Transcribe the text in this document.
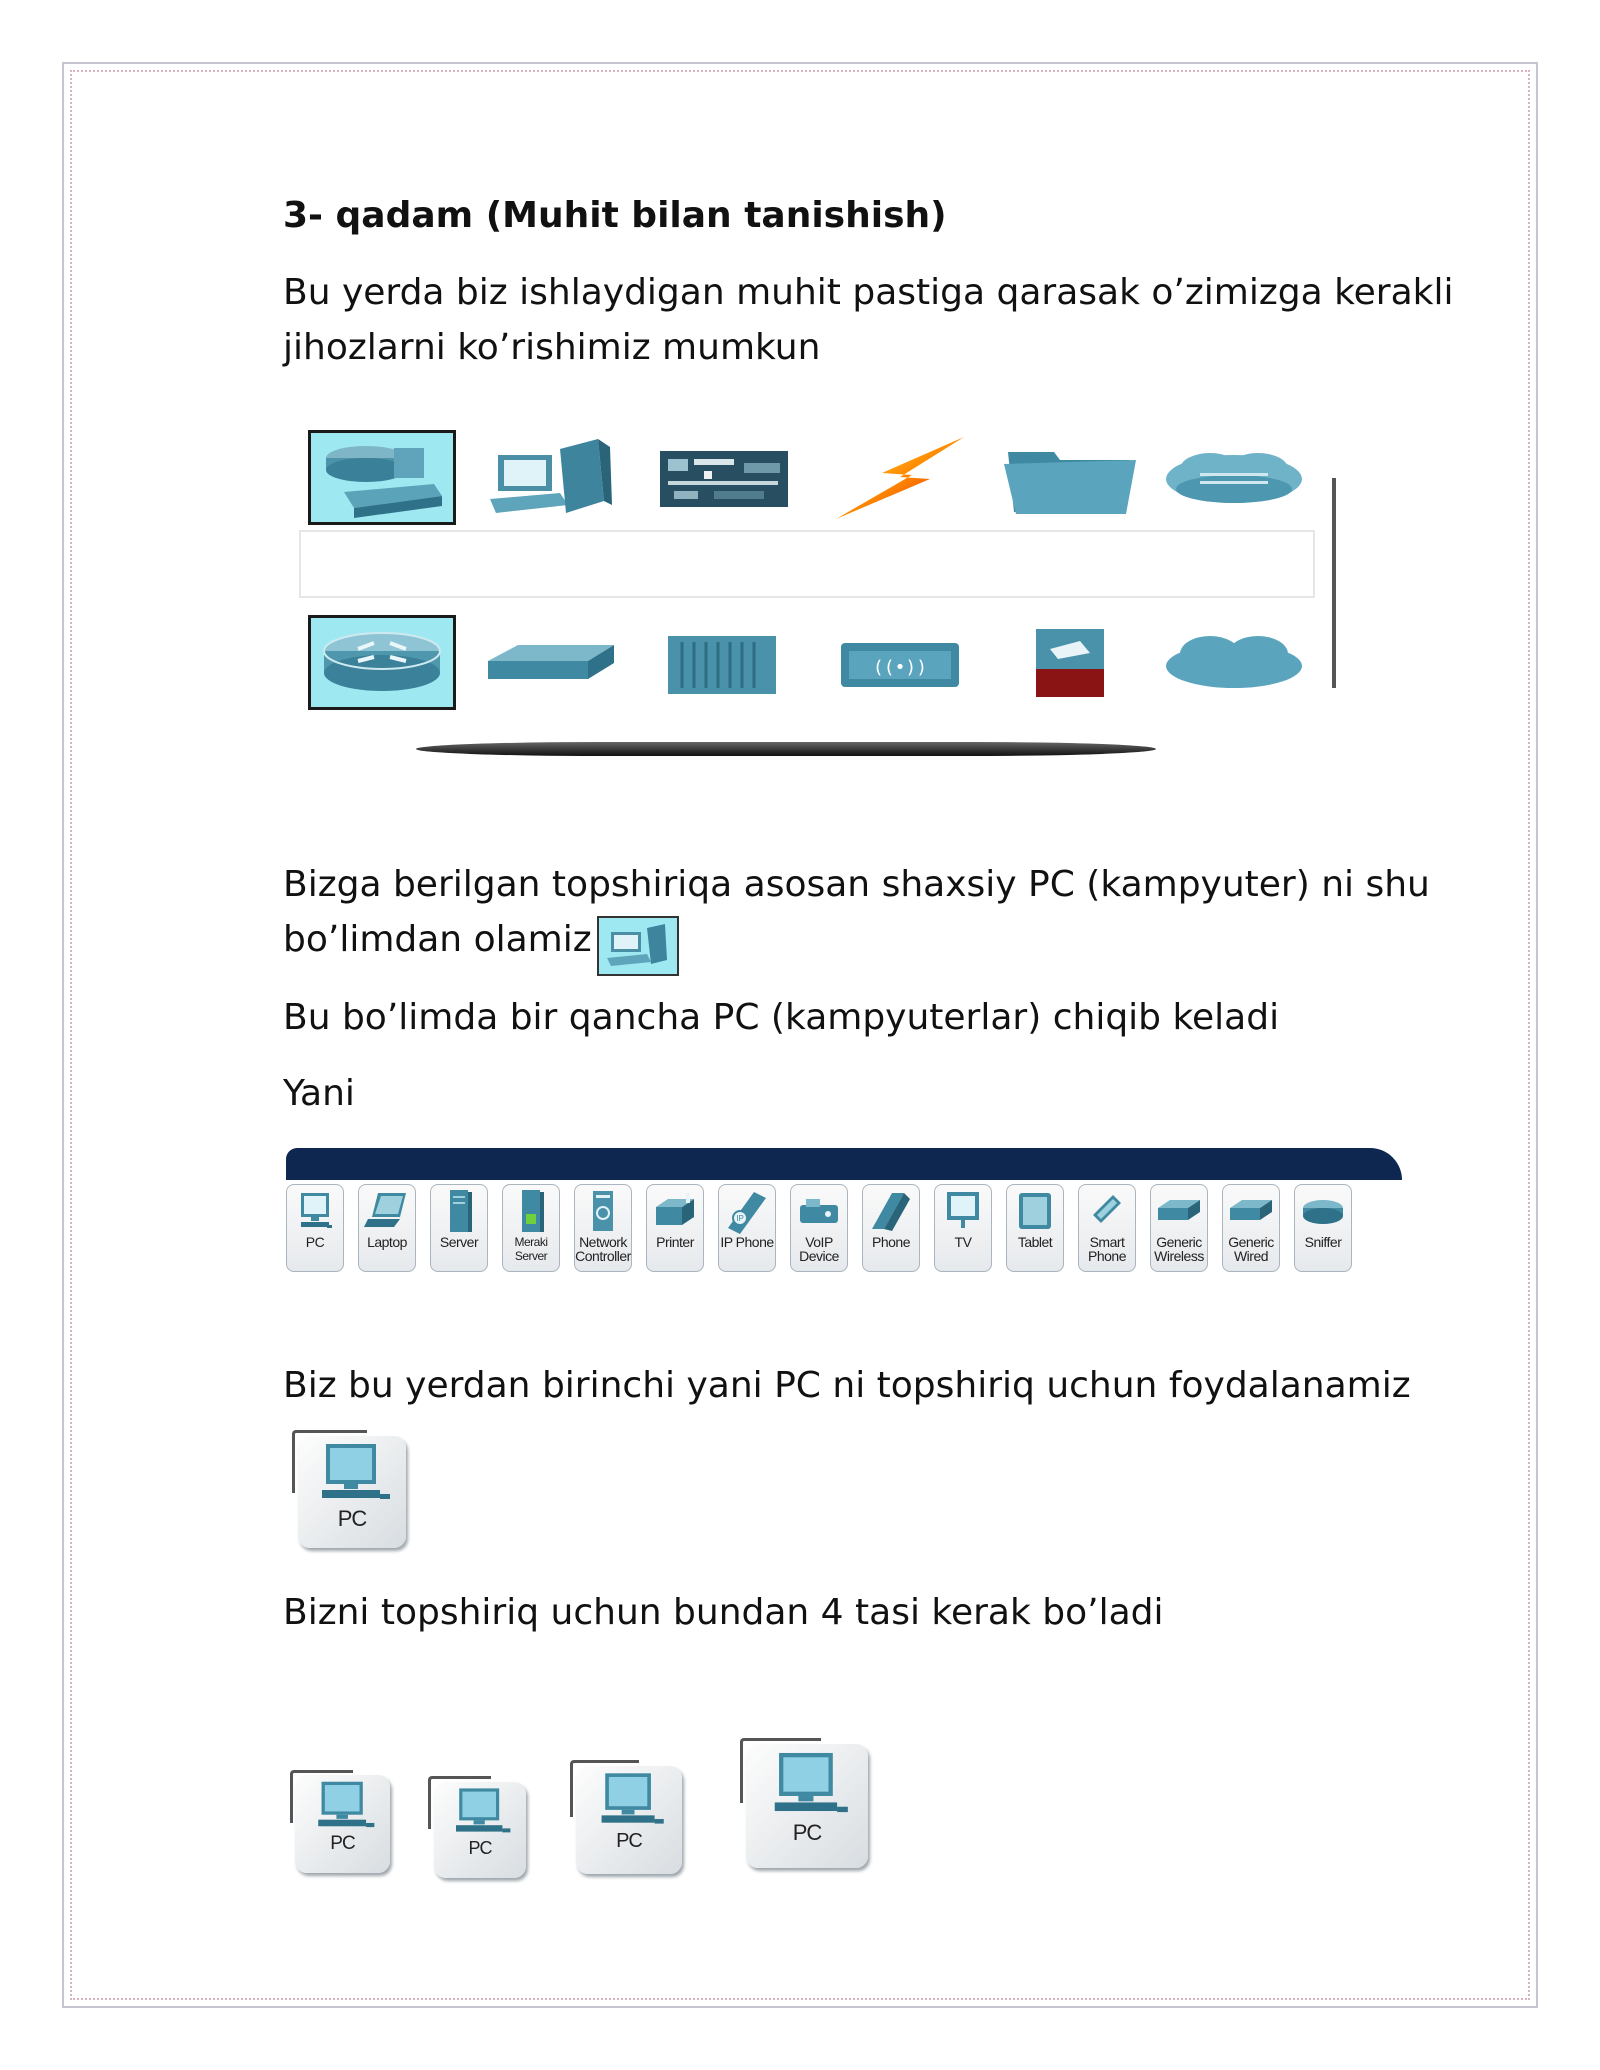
3- qadam (Muhit bilan tanishish)
Bu yerda biz ishlaydigan muhit pastiga qarasak o’zimizga kerakli
jihozlarni ko’rishimiz mumkun
((•))
Bizga berilgan topshiriqa asosan shaxsiy PC (kampyuter) ni shu
bo’limdan olamiz
Bu bo’limda bir qancha PC (kampyuterlar) chiqib keladi
Yani
PC	Laptop	Server	Meraki Server
Network Controller
Printer
IP
IP Phone	VoIP Device
Phone	TV	Tablet	Smart Phone
Generic Wireless
Generic Wired
Sniffer
Biz bu yerdan birinchi yani PC ni topshiriq uchun foydalanamiz
PC
Bizni topshiriq uchun bundan 4 tasi kerak bo’ladi
PC	PC	PC	PC
